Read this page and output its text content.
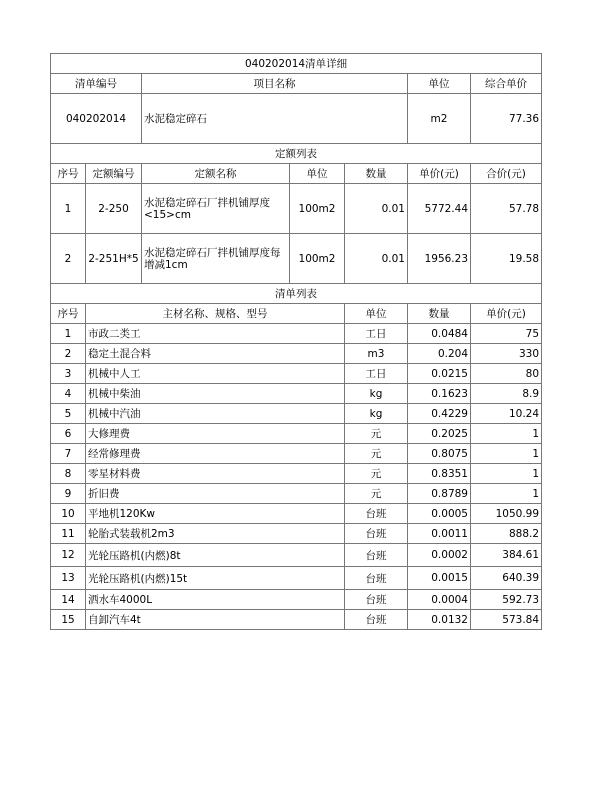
040202014清单详细							
清单编号		项目名称			单位	综合单价	
040202014		水泥稳定碎石			m2	77.36	
定额列表							
序号	定额编号	定额名称	单位	数量	单价(元)	合价(元)	
1	2-250	水泥稳定碎石厂拌机铺厚度<15>cm	100m2	0.01	5772.44	57.78	
2	2-251H*5	水泥稳定碎石厂拌机铺厚度每增减1cm	100m2	0.01	1956.23	19.58	
清单列表							
序号	主材名称、规格、型号			单位	数量	单价(元)	
1	市政二类工			工日	0.0484	75	
2	稳定土混合料			m3	0.204	330	
3	机械中人工			工日	0.0215	80	
4	机械中柴油			kg	0.1623	8.9	
5	机械中汽油			kg	0.4229	10.24	
6	大修理费			元	0.2025	1	
7	经常修理费			元	0.8075	1	
8	零星材料费			元	0.8351	1	
9	折旧费			元	0.8789	1	
10	平地机120Kw			台班	0.0005	1050.99	
11	轮胎式装载机2m3			台班	0.0011	888.2	
12	光轮压路机(内燃)8t			台班	0.0002	384.61	
13	光轮压路机(内燃)15t			台班	0.0015	640.39	
14	洒水车4000L			台班	0.0004	592.73	
15	自卸汽车4t			台班	0.0132	573.84	
